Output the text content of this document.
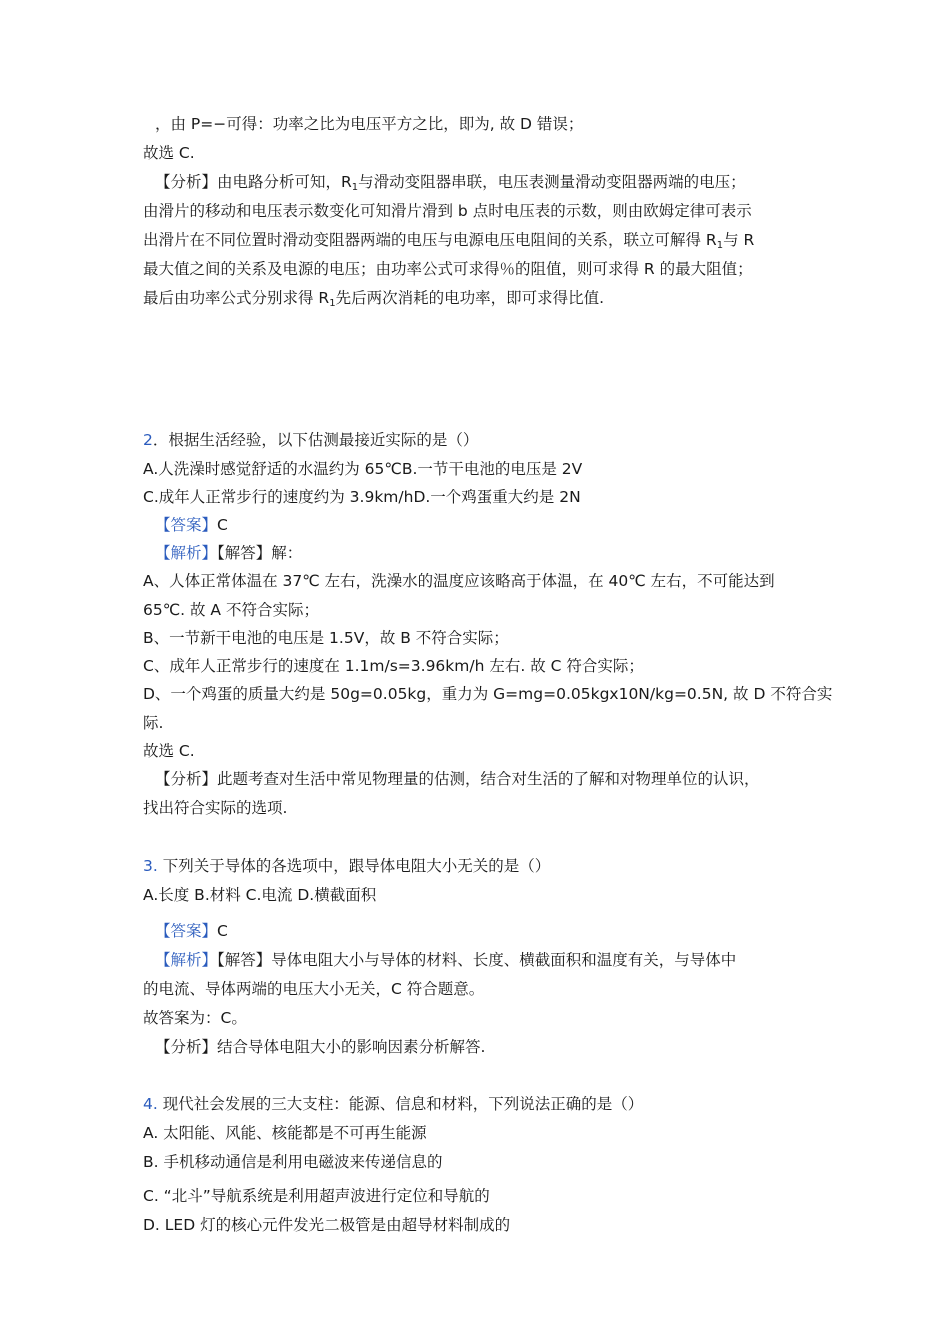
，由 P=−可得：功率之比为电压平方之比，即为, 故 D 错误；
故选 C.
【分析】由电路分析可知，$R_1$与滑动变阻器串联，电压表测量滑动变阻器两端的电压；
由滑片的移动和电压表示数变化可知滑片滑到 b 点时电压表的示数，则由欧姆定律可表示
出滑片在不同位置时滑动变阻器两端的电压与电源电压电阻间的关系，联立可解得 $R_1$与 R
最大值之间的关系及电源的电压；由功率公式可求得％的阻值，则可求得 R 的最大阻值；
最后由功率公式分别求得 $R_1$先后两次消耗的电功率，即可求得比值.
2．根据生活经验，以下估测最接近实际的是（）
A.人洗澡时感觉舒适的水温约为 65℃B.一节干电池的电压是 2V
C.成年人正常步行的速度约为 3.9km/hD.一个鸡蛋重大约是 2N
【答案】C
【解析】【解答】解：
A、人体正常体温在 37℃ 左右，洗澡水的温度应该略高于体温，在 40℃ 左右，不可能达到
65℃. 故 A 不符合实际；
B、一节新干电池的电压是 1.5V，故 B 不符合实际；
C、成年人正常步行的速度在 1.1m/s=3.96km/h 左右. 故 C 符合实际；
D、一个鸡蛋的质量大约是 50g=0.05kg，重力为 G=mg=0.05kgx10N/kg=0.5N, 故 D 不符合实
际.
故选 C.
【分析】此题考查对生活中常见物理量的估测，结合对生活的了解和对物理单位的认识，
找出符合实际的选项.
3. 下列关于导体的各选项中，跟导体电阻大小无关的是（）
A.长度 B.材料 C.电流 D.横截面积
【答案】C
【解析】【解答】导体电阻大小与导体的材料、长度、横截面积和温度有关，与导体中
的电流、导体两端的电压大小无关，C 符合题意。
故答案为：C。
【分析】结合导体电阻大小的影响因素分析解答.
4. 现代社会发展的三大支柱：能源、信息和材料，下列说法正确的是（）
A. 太阳能、风能、核能都是不可再生能源
B. 手机移动通信是利用电磁波来传递信息的
C. “北斗”导航系统是利用超声波进行定位和导航的
D. LED 灯的核心元件发光二极管是由超导材料制成的
